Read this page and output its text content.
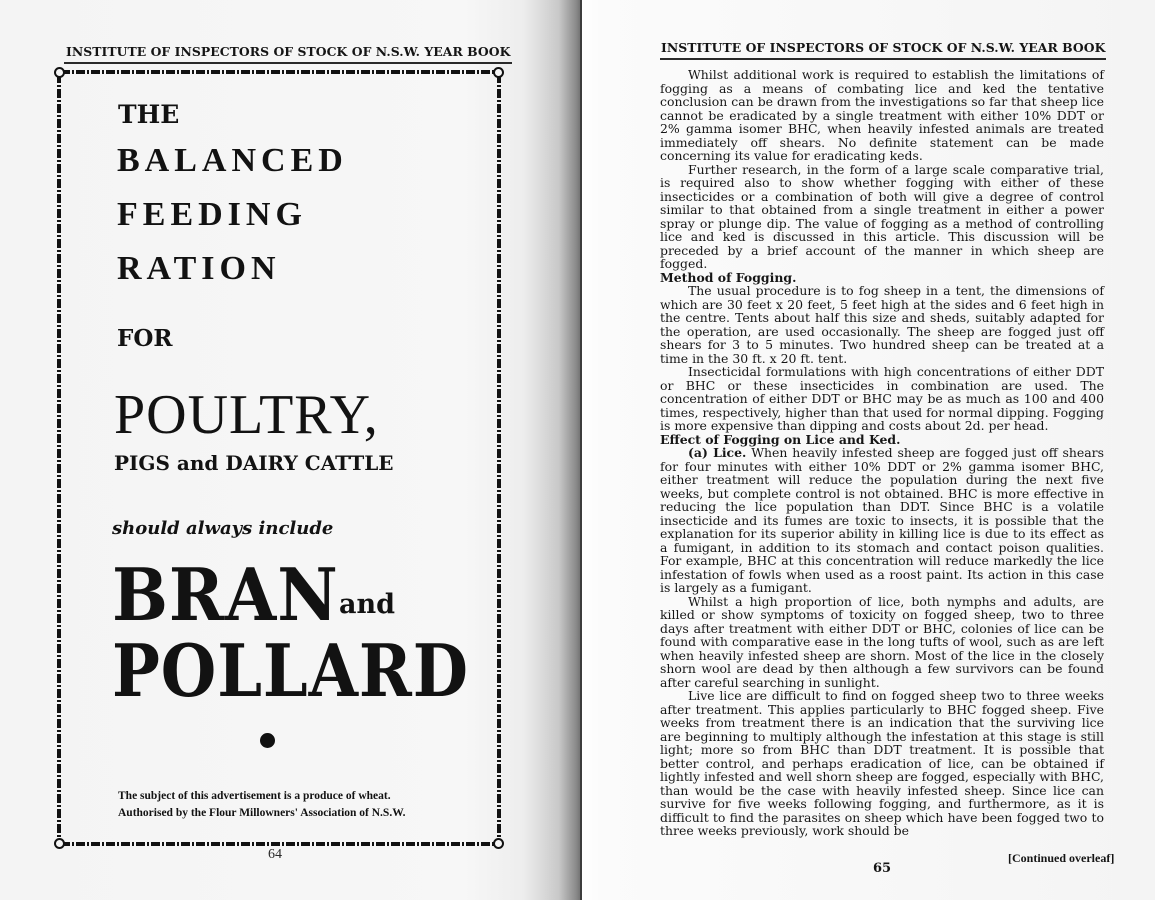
INSTITUTE OF INSPECTORS OF STOCK OF N.S.W. YEAR BOOK
THE
BALANCED
FEEDING
RATION
FOR
POULTRY,
PIGS and DAIRY CATTLE
should always include
BRAN and
POLLARD
The subject of this advertisement is a produce of wheat.
Authorised by the Flour Millowners' Association of N.S.W.
64
INSTITUTE OF INSPECTORS OF STOCK OF N.S.W. YEAR BOOK

Whilst additional work is required to establish the limitations of fogging as a means of combating lice and ked the tentative conclusion can be drawn from the investigations so far that sheep lice cannot be eradicated by a single treatment with either 10% DDT or 2% gamma isomer BHC, when heavily infested animals are treated immediately off shears. No definite statement can be made concerning its value for eradicating keds.

Further research, in the form of a large scale comparative trial, is required also to show whether fogging with either of these insecticides or a combination of both will give a degree of control similar to that obtained from a single treatment in either a power spray or plunge dip. The value of fogging as a method of controlling lice and ked is discussed in this article. This discussion will be preceded by a brief account of the manner in which sheep are fogged.

Method of Fogging.

The usual procedure is to fog sheep in a tent, the dimensions of which are 30 feet x 20 feet, 5 feet high at the sides and 6 feet high in the centre. Tents about half this size and sheds, suitably adapted for the operation, are used occasionally. The sheep are fogged just off shears for 3 to 5 minutes. Two hundred sheep can be treated at a time in the 30 ft. x 20 ft. tent.

Insecticidal formulations with high concentrations of either DDT or BHC or these insecticides in combination are used. The concentration of either DDT or BHC may be as much as 100 and 400 times, respectively, higher than that used for normal dipping. Fogging is more expensive than dipping and costs about 2d. per head.

Effect of Fogging on Lice and Ked.

(a) Lice. When heavily infested sheep are fogged just off shears for four minutes with either 10% DDT or 2% gamma isomer BHC, either treatment will reduce the population during the next five weeks, but complete control is not obtained. BHC is more effective in reducing the lice population than DDT. Since BHC is a volatile insecticide and its fumes are toxic to insects, it is possible that the explanation for its superior ability in killing lice is due to its effect as a fumigant, in addition to its stomach and contact poison qualities. For example, BHC at this concentration will reduce markedly the lice infestation of fowls when used as a roost paint. Its action in this case is largely as a fumigant.

Whilst a high proportion of lice, both nymphs and adults, are killed or show symptoms of toxicity on fogged sheep, two to three days after treatment with either DDT or BHC, colonies of lice can be found with comparative ease in the long tufts of wool, such as are left when heavily infested sheep are shorn. Most of the lice in the closely shorn wool are dead by then although a few survivors can be found after careful searching in sunlight.

Live lice are difficult to find on fogged sheep two to three weeks after treatment. This applies particularly to BHC fogged sheep. Five weeks from treatment there is an indication that the surviving lice are beginning to multiply although the infestation at this stage is still light; more so from BHC than DDT treatment. It is possible that better control, and perhaps eradication of lice, can be obtained if lightly infested and well shorn sheep are fogged, especially with BHC, than would be the case with heavily infested sheep. Since lice can survive for five weeks following fogging, and furthermore, as it is difficult to find the parasites on sheep which have been fogged two to three weeks previously, work should be

[Continued overleaf]
65
